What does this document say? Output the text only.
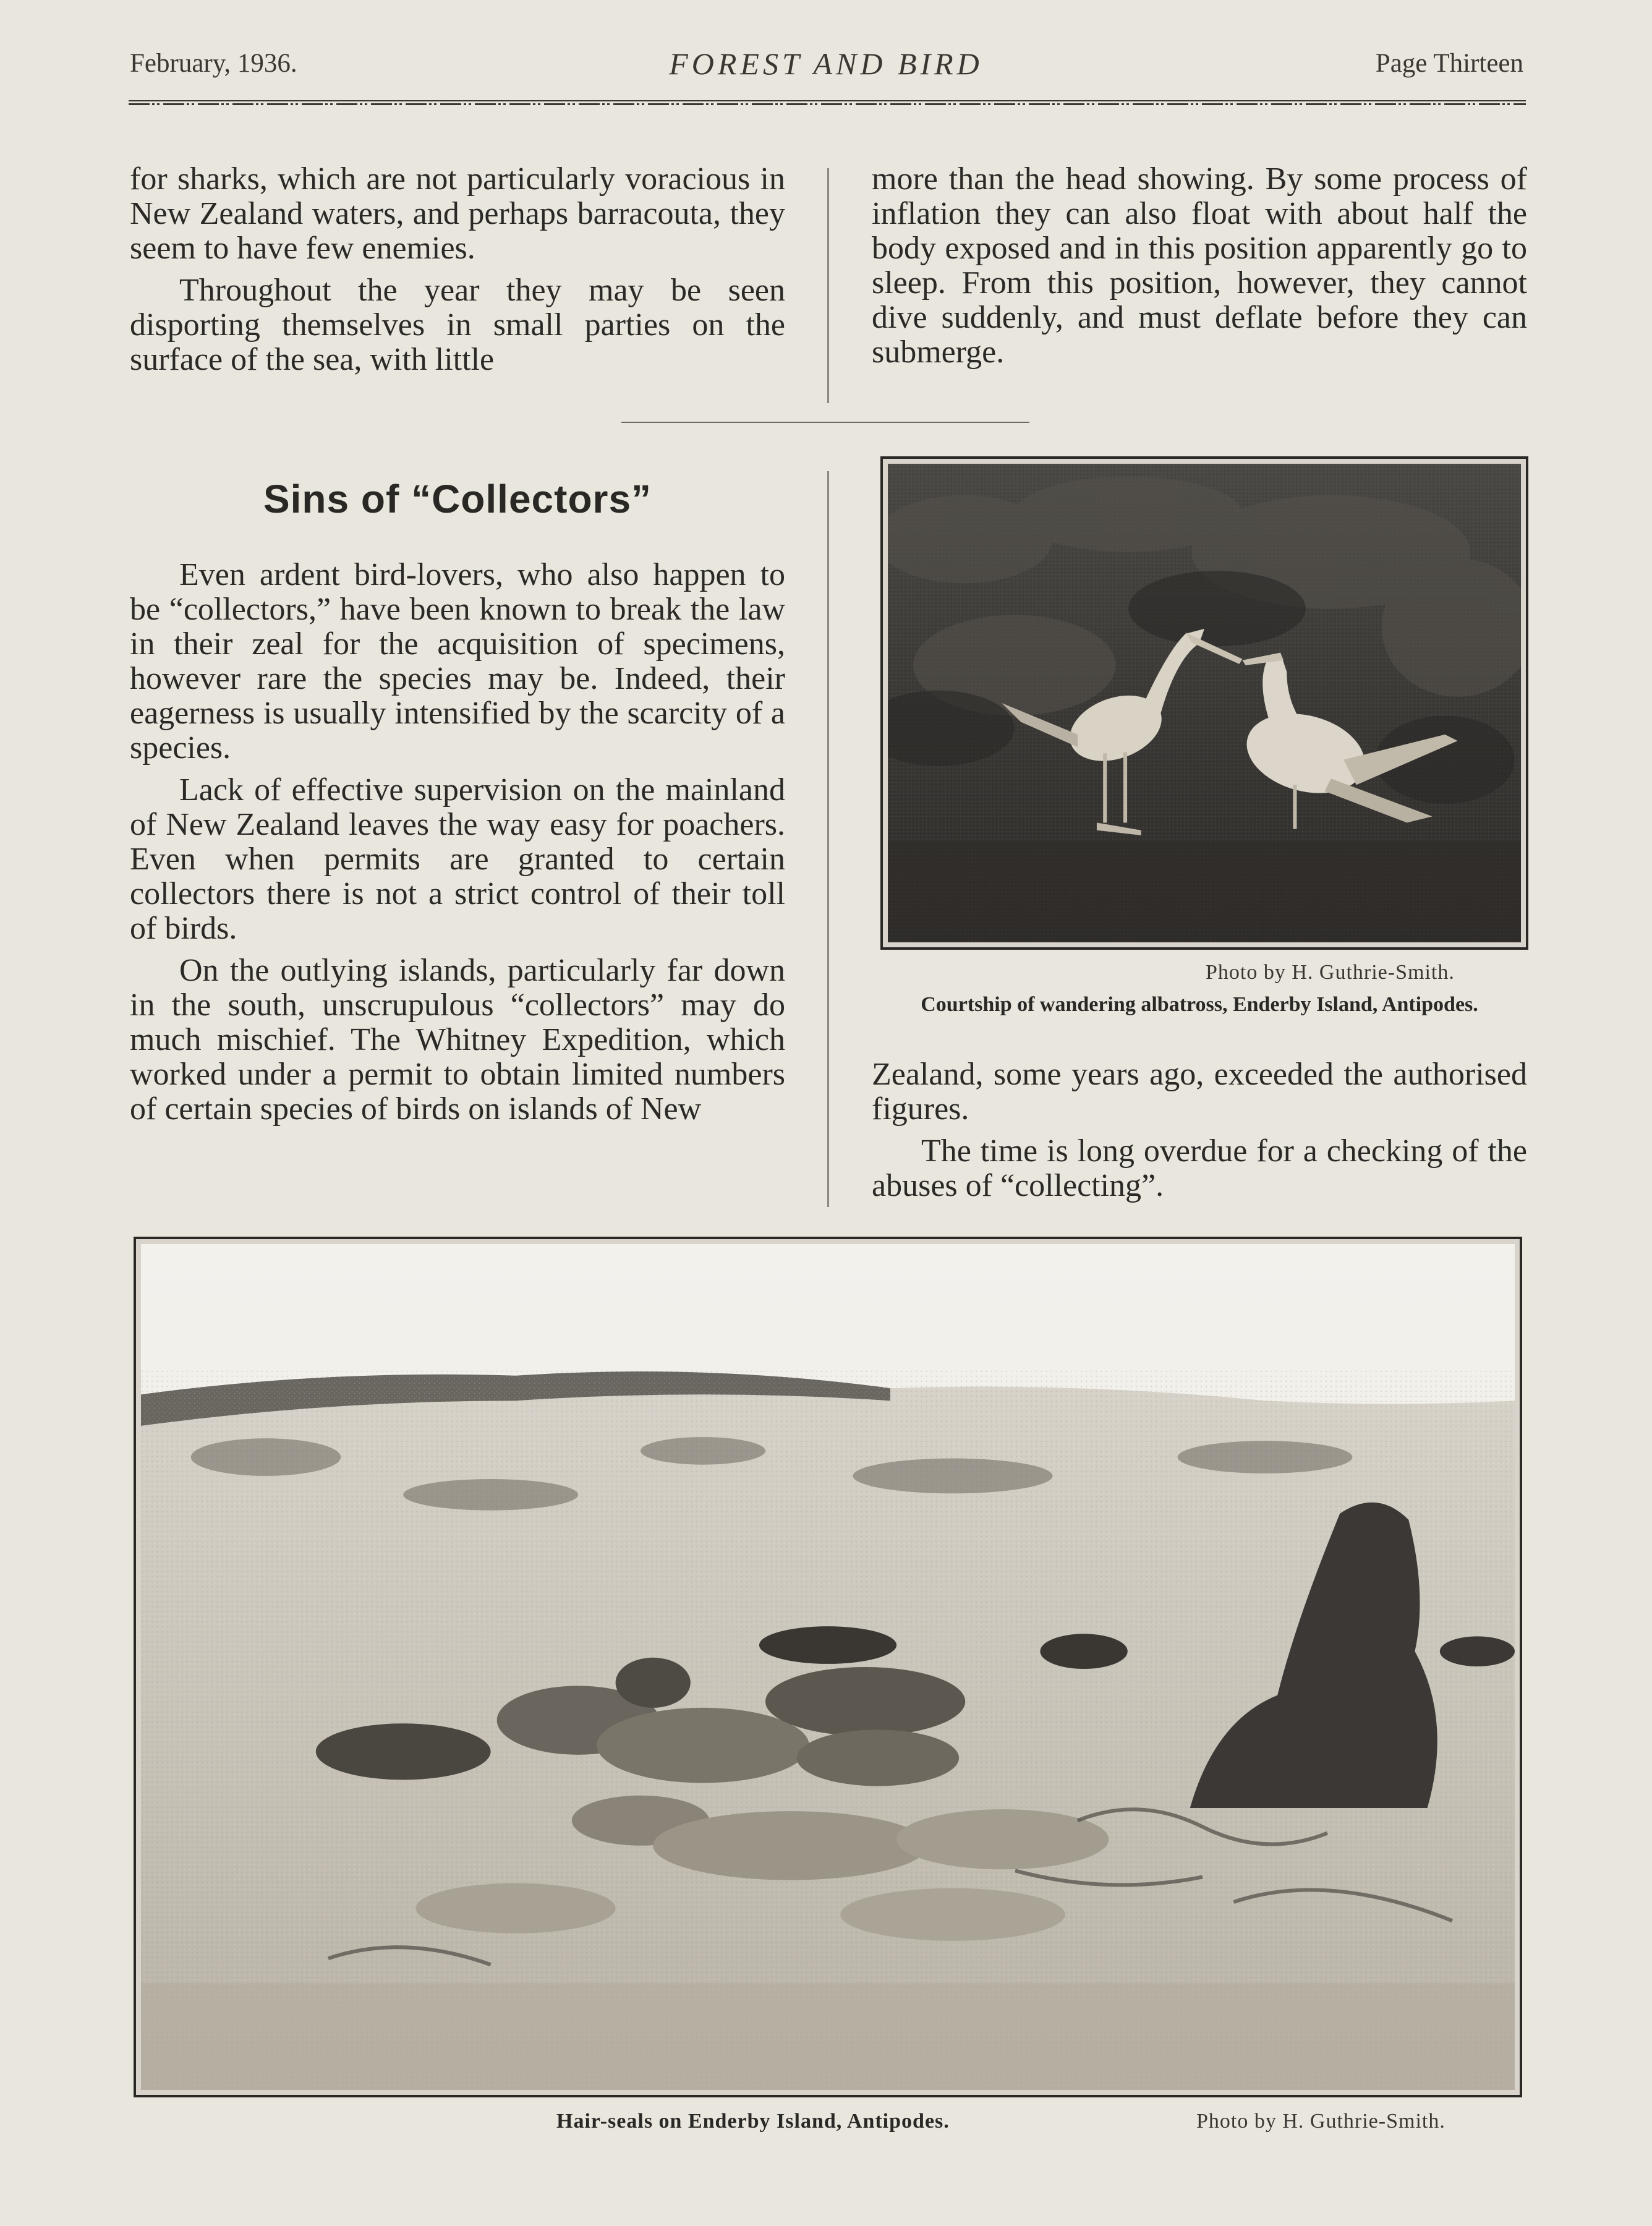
February, 1936.	FOREST AND BIRD	Page Thirteen

for sharks, which are not particularly voracious in New Zealand waters, and perhaps barracouta, they seem to have few enemies.

Throughout the year they may be seen disporting themselves in small parties on the surface of the sea, with little

more than the head showing. By some process of inflation they can also float with about half the body exposed and in this position apparently go to sleep. From this position, however, they cannot dive suddenly, and must deflate before they can submerge.

Sins of “Collectors”

Even ardent bird-lovers, who also happen to be “collectors,” have been known to break the law in their zeal for the acquisition of specimens, however rare the species may be. Indeed, their eagerness is usually intensified by the scarcity of a species.

Lack of effective supervision on the mainland of New Zealand leaves the way easy for poachers. Even when permits are granted to certain collectors there is not a strict control of their toll of birds.

On the outlying islands, particularly far down in the south, unscrupulous “collectors” may do much mischief. The Whitney Expedition, which worked under a permit to obtain limited numbers of certain species of birds on islands of New

Photo by H. Guthrie-Smith.
Courtship of wandering albatross, Enderby Island, Antipodes.

Zealand, some years ago, exceeded the authorised figures.

The time is long overdue for a checking of the abuses of “collecting”.

Hair-seals on Enderby Island, Antipodes.	Photo by H. Guthrie-Smith.
